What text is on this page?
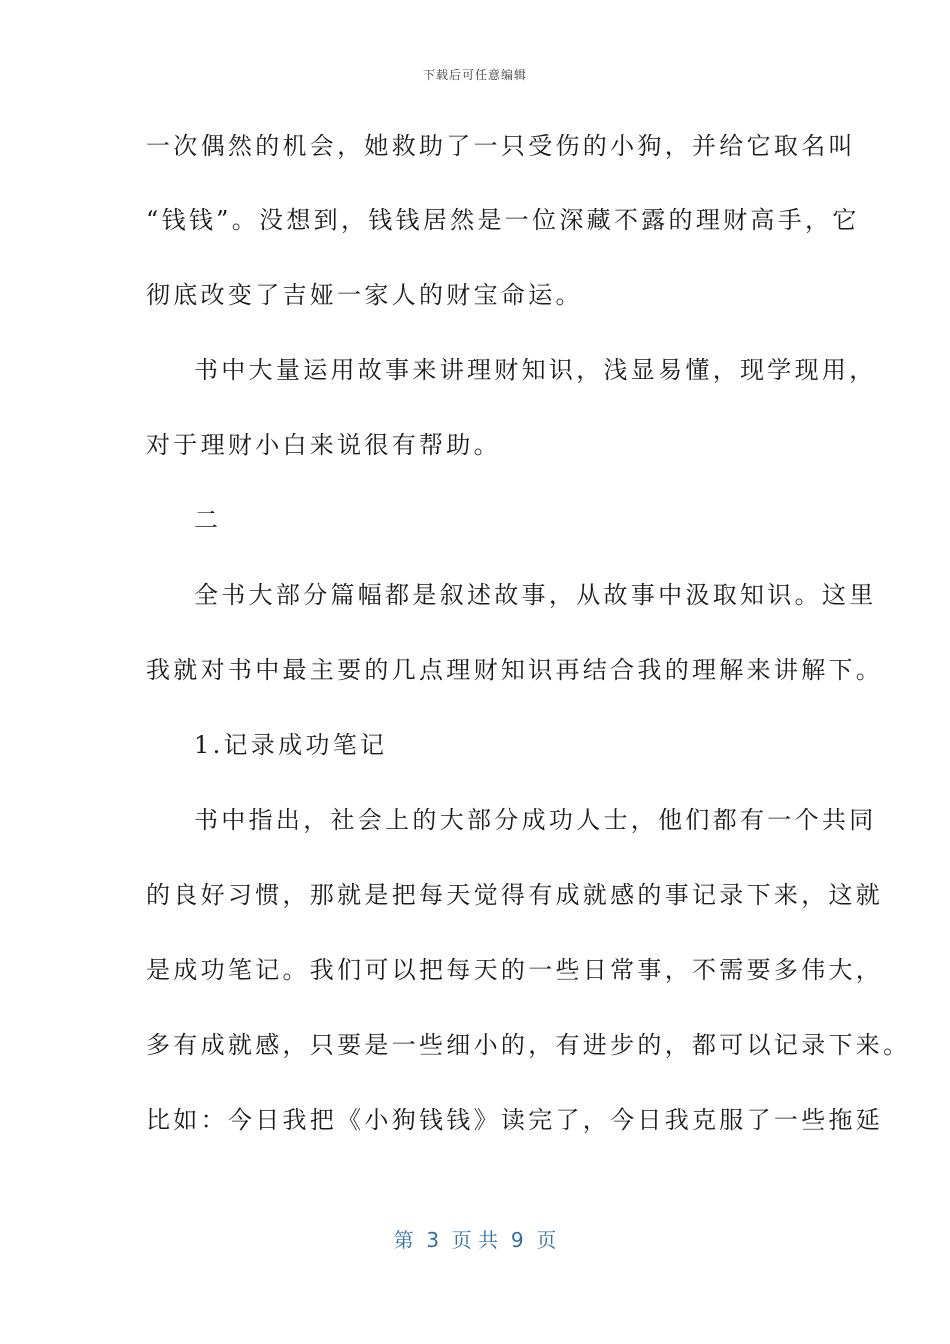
下载后可任意编辑
一次偶然的机会，她救助了一只受伤的小狗，并给它取名叫
“钱钱”。没想到，钱钱居然是一位深藏不露的理财高手，它
彻底改变了吉娅一家人的财宝命运。
书中大量运用故事来讲理财知识，浅显易懂，现学现用，
对于理财小白来说很有帮助。
二
全书大部分篇幅都是叙述故事，从故事中汲取知识。这里
我就对书中最主要的几点理财知识再结合我的理解来讲解下。
1.记录成功笔记
书中指出，社会上的大部分成功人士，他们都有一个共同
的良好习惯，那就是把每天觉得有成就感的事记录下来，这就
是成功笔记。我们可以把每天的一些日常事，不需要多伟大，
多有成就感，只要是一些细小的，有进步的，都可以记录下来。
比如：今日我把《小狗钱钱》读完了，今日我克服了一些拖延
第  3  页 共  9  页
